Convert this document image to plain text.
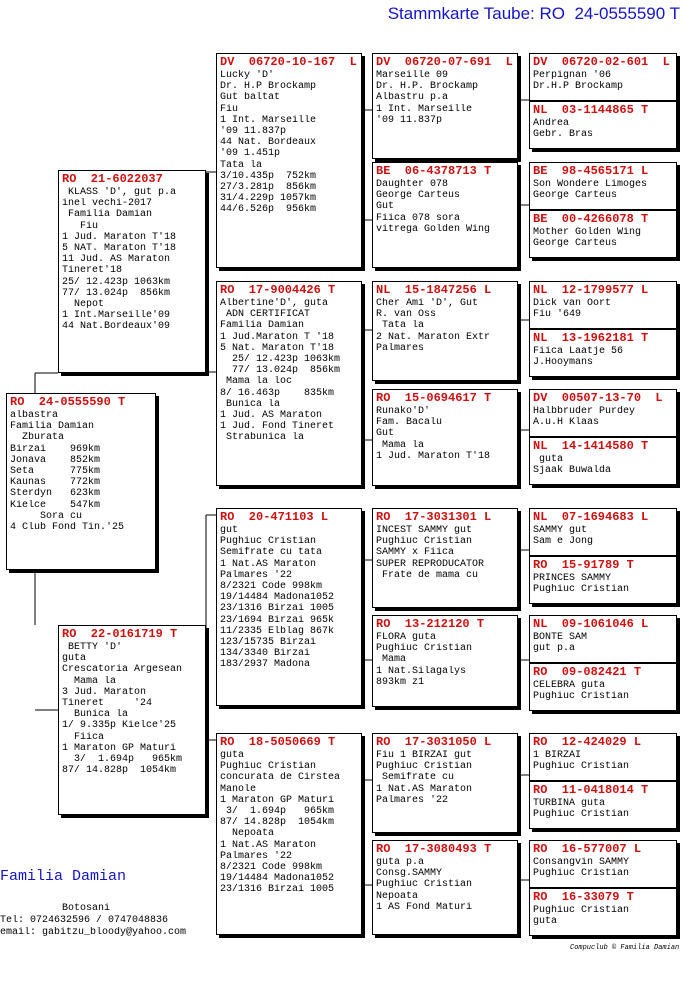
Stammkarte Taube: RO  24-0555590 T
RO  24-0555590 T
albastra
Familia Damian
Zburata
Birzai    969km
Jonava    852km
Seta      775km
Kaunas    772km
Sterdyn   623km
Kielce    547km
Sora cu
4 Club Fond Tin.'25
RO  21-6022037
KLASS 'D', gut p.a
inel vechi-2017
Familia Damian
Fiu
1 Jud. Maraton T'18
5 NAT. Maraton T'18
11 Jud. AS Maraton
Tineret'18
25/ 12.423p 1063km
77/ 13.024p  856km
Nepot
1 Int.Marseille'09
44 Nat.Bordeaux'09
RO  22-0161719 T
BETTY 'D'
guta
Crescatoria Argesean
Mama la
3 Jud. Maraton
Tineret     '24
Bunica la
1/ 9.335p Kielce'25
Fiica
1 Maraton GP Maturi
3/  1.694p   965km
87/ 14.828p  1054km
DV  06720-10-167  L
Lucky 'D'
Dr. H.P Brockamp
Gut baltat
Fiu
1 Int. Marseille
'09 11.837p
44 Nat. Bordeaux
'09 1.451p
Tata la
3/10.435p  752km
27/3.281p  856km
31/4.229p 1057km
44/6.526p  956km
RO  17-9004426 T
Albertine'D', guta
ADN CERTIFICAT
Familia Damian
1 Jud.Maraton T '18
5 Nat. Maraton T'18
25/ 12.423p 1063km
77/ 13.024p  856km
Mama la loc
8/ 16.463p    835km
Bunica la
1 Jud. AS Maraton
1 Jud. Fond Tineret
Strabunica la
RO  20-471103 L
gut
Pughiuc Cristian
Semifrate cu tata
1 Nat.AS Maraton
Palmares '22
8/2321 Code 998km
19/14484 Madona1052
23/1316 Birzai 1005
23/1694 Birzai 965k
11/2335 Elblag 867k
123/15735 Birzai
134/3340 Birzai
183/2937 Madona
RO  18-5050669 T
guta
Pughiuc Cristian
concurata de Cirstea
Manole
1 Maraton GP Maturi
3/  1.694p   965km
87/ 14.828p  1054km
Nepoata
1 Nat.AS Maraton
Palmares '22
8/2321 Code 998km
19/14484 Madona1052
23/1316 Birzai 1005
DV  06720-07-691  L
Marseille 09
Dr. H.P. Brockamp
Albastru p.a
1 Int. Marseille
'09 11.837p
BE  06-4378713 T
Daughter 078
George Carteus
Gut
Fiica 078 sora
vitrega Golden Wing
NL  15-1847256 L
Cher Ami 'D', Gut
R. van Oss
Tata la
2 Nat. Maraton Extr
Palmares
RO  15-0694617 T
Runako'D'
Fam. Bacalu
Gut
Mama la
1 Jud. Maraton T'18
RO  17-3031301 L
INCEST SAMMY gut
Pughiuc Cristian
SAMMY x Fiica
SUPER REPRODUCATOR
Frate de mama cu
RO  13-212120 T
FLORA guta
Pughiuc Cristian
Mama
1 Nat.Silagalys
893km z1
RO  17-3031050 L
Fiu 1 BIRZAI gut
Pughiuc Cristian
Semifrate cu
1 Nat.AS Maraton
Palmares '22
RO  17-3080493 T
guta p.a
Consg.SAMMY
Pughiuc Cristian
Nepoata
1 AS Fond Maturi
DV  06720-02-601  L
Perpignan '06
Dr.H.P Brockamp
NL  03-1144865 T
Andrea
Gebr. Bras
BE  98-4565171 L
Son Wondere Limoges
George Carteus
BE  00-4266078 T
Mother Golden Wing
George Carteus
NL  12-1799577 L
Dick van Oort
Fiu '649
NL  13-1962181 T
Fiica Laatje 56
J.Hooymans
DV  00507-13-70  L
Halbbruder Purdey
A.u.H Klaas
NL  14-1414580 T
guta
Sjaak Buwalda
NL  07-1694683 L
SAMMY gut
Sam e Jong
RO  15-91789 T
PRINCES SAMMY
Pughiuc Cristian
NL  09-1061046 L
BONTE SAM
gut p.a
RO  09-082421 T
CELEBRA guta
Pughiuc Cristian
RO  12-424029 L
1 BIRZAI
Pughiuc Cristian
RO  11-0418014 T
TURBINA guta
Pughiuc Cristian
RO  16-577007 L
Consangvin SAMMY
Pughiuc Cristian
RO  16-33079 T
Pughiuc Cristian
guta
Familia Damian
Botosani
Tel: 0724632596 / 0747048836
email: gabitzu_bloody@yahoo.com
Compuclub © Familia Damian
